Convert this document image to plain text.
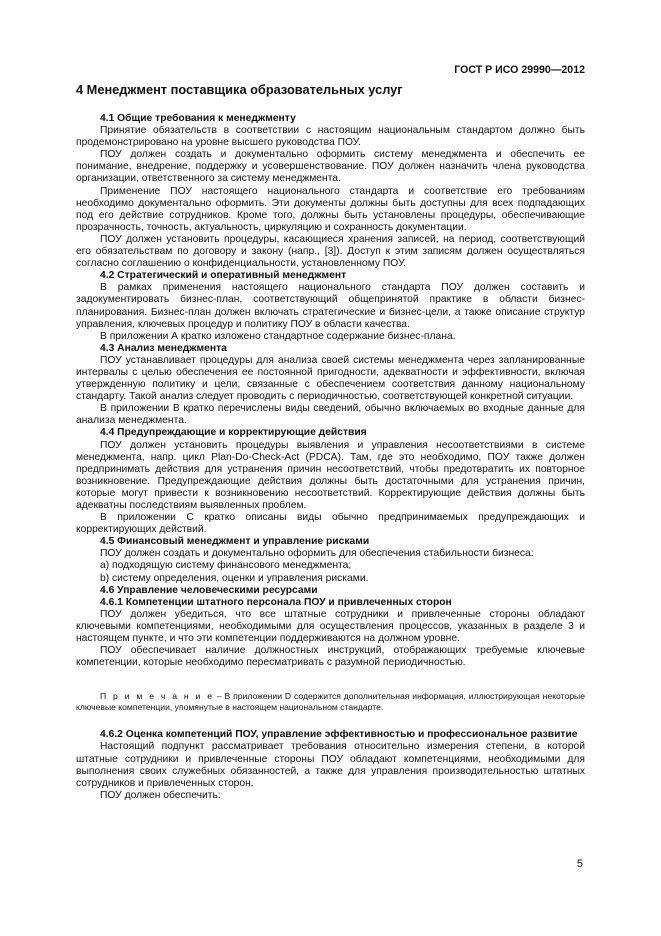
ГОСТ Р ИСО 29990—2012
4 Менеджмент поставщика образовательных услуг

4.1 Общие требования к менеджменту

Принятие обязательств в соответствии с настоящим национальным стандартом должно быть продемонстрировано на уровне высшего руководства ПОУ.

ПОУ должен создать и документально оформить систему менеджмента и обеспечить ее понимание, внедрение, поддержку и усовершенствование. ПОУ должен назначить члена руководства организации, ответственного за систему менеджмента.

Применение ПОУ настоящего национального стандарта и соответствие его требованиям необходимо документально оформить. Эти документы должны быть доступны для всех подпадающих под его действие сотрудников. Кроме того, должны быть установлены процедуры, обеспечивающие прозрачность, точность, актуальность, циркуляцию и сохранность документации.

ПОУ должен установить процедуры, касающиеся хранения записей, на период, соответствующий его обязательствам по договору и закону (напр., [3]). Доступ к этим записям должен осуществляться согласно соглашению о конфиденциальности, установленному ПОУ.

4.2 Стратегический и оперативный менеджмент

В рамках применения настоящего национального стандарта ПОУ должен составить и задокументировать бизнес-план, соответствующий общепринятой практике в области бизнес-планирования. Бизнес-план должен включать стратегические и бизнес-цели, а также описание структур управления, ключевых процедур и политику ПОУ в области качества.

В приложении А кратко изложено стандартное содержание бизнес-плана.

4.3 Анализ менеджмента

ПОУ устанавливает процедуры для анализа своей системы менеджмента через запланированные интервалы с целью обеспечения ее постоянной пригодности, адекватности и эффективности, включая утвержденную политику и цели, связанные с обеспечением соответствия данному национальному стандарту. Такой анализ следует проводить с периодичностью, соответствующей конкретной ситуации.

В приложении В кратко перечислены виды сведений, обычно включаемых во входные данные для анализа менеджмента.

4.4 Предупреждающие и корректирующие действия

ПОУ должен установить процедуры выявления и управления несоответствиями в системе менеджмента, напр. цикл Plan-Do-Check-Act (PDCA). Там, где это необходимо, ПОУ также должен предпринимать действия для устранения причин несоответствий, чтобы предотвратить их повторное возникновение. Предупреждающие действия должны быть достаточными для устранения причин, которые могут привести к возникновению несоответствий. Корректирующие действия должны быть адекватны последствиям выявленных проблем.

В приложении С кратко описаны виды обычно предпринимаемых предупреждающих и корректирующих действий.

4.5 Финансовый менеджмент и управление рисками

ПОУ должен создать и документально оформить для обеспечения стабильности бизнеса:

а) подходящую систему финансового менеджмента;

b) систему определения, оценки и управления рисками.

4.6 Управление человеческими ресурсами

4.6.1 Компетенции штатного персонала ПОУ и привлеченных сторон

ПОУ должен убедиться, что все штатные сотрудники и привлеченные стороны обладают ключевыми компетенциями, необходимыми для осуществления процессов, указанных в разделе 3 и настоящем пункте, и что эти компетенции поддерживаются на должном уровне.

ПОУ обеспечивает наличие должностных инструкций, отображающих требуемые ключевые компетенции, которые необходимо пересматривать с разумной периодичностью.

П р и м е ч а н и е – В приложении D содержится дополнительная информация, иллюстрирующая некоторые ключевые компетенции, упомянутые в настоящем национальном стандарте.

4.6.2 Оценка компетенций ПОУ, управление эффективностью и профессиональное развитие

Настоящий подпункт рассматривает требования относительно измерения степени, в которой штатные сотрудники и привлеченные стороны ПОУ обладают компетенциями, необходимыми для выполнения своих служебных обязанностей, а также для управления производительностью штатных сотрудников и привлеченных сторон.

ПОУ должен обеспечить:

5
